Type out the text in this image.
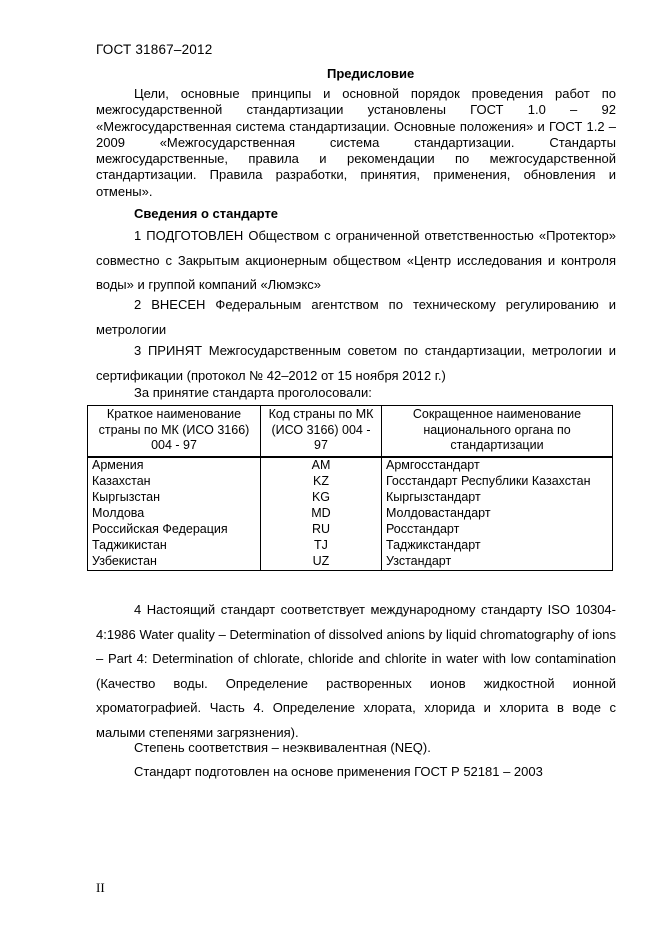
ГОСТ 31867–2012
Предисловие
Цели, основные принципы и основной порядок проведения работ по межгосударственной стандартизации установлены ГОСТ 1.0 – 92 «Межгосударственная система стандартизации. Основные положения» и ГОСТ 1.2 – 2009 «Межгосударственная система стандартизации. Стандарты межгосударственные, правила и рекомендации по межгосударственной стандартизации. Правила разработки, принятия, применения, обновления и отмены».
Сведения о стандарте
1 ПОДГОТОВЛЕН Обществом с ограниченной ответственностью «Протектор» совместно с Закрытым акционерным обществом «Центр исследования и контроля воды» и группой компаний «Люмэкс»
2 ВНЕСЕН Федеральным агентством по техническому регулированию и метрологии
3 ПРИНЯТ Межгосударственным советом по стандартизации, метрологии и сертификации (протокол № 42–2012 от 15 ноября 2012 г.)
За принятие стандарта проголосовали:
Краткое наименование страны по МК (ИСО 3166) 004 - 97	Код страны по МК (ИСО 3166) 004 - 97	Сокращенное наименование национального органа по стандартизации
Армения	AM	Армгосстандарт
Казахстан	KZ	Госстандарт Республики Казахстан
Кыргызстан	KG	Кыргызстандарт
Молдова	MD	Молдовастандарт
Российская Федерация	RU	Росстандарт
Таджикистан	TJ	Таджикстандарт
Узбекистан	UZ	Узстандарт
4 Настоящий стандарт соответствует международному стандарту ISO 10304-4:1986 Water quality – Determination of dissolved anions by liquid chromatography of ions – Part 4: Determination of chlorate, chloride and chlorite in water with low contamination (Качество воды. Определение растворенных ионов жидкостной ионной хроматографией. Часть 4. Определение хлората, хлорида и хлорита в воде с малыми степенями загрязнения).
Степень соответствия – неэквивалентная (NEQ).
Стандарт подготовлен на основе применения ГОСТ Р 52181 – 2003
II
